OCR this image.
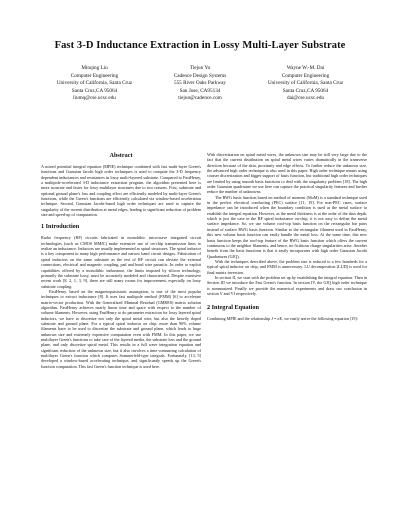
Fast 3-D Inductance Extraction in Lossy Multi-Layer Substrate
Minqing Liu
Computer Engineering
University of California, Santa Cruz
Santa Cruz,CA 95064
liumq@cse.ucsc.edu
Tiejun Yu
Cadence Design Systems
555 River Oaks Parkway
San Jose, CA95134
tiejun@cadence.com
Wayne W.-M. Dai
Computer Engineering
University of California, Santa Cruz
Santa Cruz,CA 95064
dai@cse.ucsc.edu
Abstract

A mixed potential integral equation (MPIE) technique combined with fast multi-layer Green's functions and Gaussian Jacobi high order techniques is used to compute the 3-D frequency dependent inductances and resistances in lossy multi-layered substrate. Compared to FastHenry, a multipole-accelerated 3-D inductance extraction program, the algorithm presented here is more accurate and faster for lossy multilayer structures due to two reasons. First, substrate and optional ground plane's loss and coupling effect are efficiently modeled by multi-layer Green's functions, while the Green's functions are efficiently calculated via window-based acceleration technique. Second, Gaussian Jacobi-based high order techniques are used to capture the singularity of the current distribution at metal edges, leading to significant reduction of problem size and speed-up of computation.

1 Introduction

Radio frequency (RF) circuits fabricated in monolithic microwave integrated circuit technologies (such as CMOS MMIC) make extensive use of on-chip transmission lines to realize an inductance. Inductors are usually implemented as spiral structures. The spiral inductor is a key component in many high performance and narrow band circuit designs. Fabrication of spiral inductors on the same substrate as the rest of RF circuit can obviate the external connections, electrical and magnetic coupling, pad and bond wire parasitic. In order to exploit capabilities offered by a monolithic inductance, the limits imposed by silicon technology, primarily the substrate lossy, must be accurately modeled and characterized. Despite extensive recent work [8, 2, 1, 3, 9], there are still many rooms for improvement, especially on lossy substrate coupling.

FastHenry, based on the magnetoquasistatic assumption, is one of the most popular techniques to extract inductance [8]. It uses fast multipole method (FMM) [6] to accelerate matrix-vector production. With the Generalized Minimal Residual (GMRES) matrix solution algorithm, FastHenry achieves nearly linear time and space with respect to the number of volume filaments. However, using FastHenry to do parameter extraction for lossy layered spiral inductors, we have to discretize not only the spiral metal wire, but also the heavily doped substrate and ground plane. For a typical spiral inductor on chip, more than 90% volume filaments have to be used to discretize the substrate and ground plane, which leads to huge unknown size and extremely expensive computation even with FMM. In this paper, we use multilayer Green's functions to take care of the layered media, the substrate loss and the ground plane, and only discretize spiral metal. This results in a full wave integration equation and significant reduction of the unknown size, but it also involves a time-consuming calculation of multilayer Green's function which computes Sommerfeld-type integrals. Fortunately, [13, 5] developed a window-based accelerating technique, and significantly speeds up the Green's function computation. This fast Green's function technique is used here.

With discretization on spiral metal wires, the unknown size may be still very large due to the fact that the current distribution on spiral metal wires varies dramatically in the transverse direction because of the skin, proximity and edge effects. To further reduce the unknown size, the advanced high order technique is also used in this paper. High order technique means using coarser discretization and bigger support of basis function, but traditional high order techniques are limited by using smooth basis functions to deal with the singularity problem [18]. The high order Gaussian quadrature we use here can capture the practical singularity features and further reduce the number of unknowns.

The RWG basis function based on method of moment (MoM) is a standard technique used in the perfect electrical conducting (PEC) surface [11, 19]. For non-PEC cases, surface impedance can be introduced when the boundary condition is used at the metal surface to establish the integral equation. However, as the metal thickness is at the order of the skin depth, which is just the case in the RF spiral inductance on-chip, it is not easy to define the metal surface impedance. So, we use volume roof-top basis function on the rectangular bar pairs instead of surface RWG basis function. Similar to the rectangular filament used in FastHenry, this new volume basis function can easily handle the metal loss. At the same time, this new basis function keeps the roof-top feature of the RWG basis function which offers the current continuous to the neighbor filaments, and hence, no fictitious charge singularities arise. Another benefit from the basis functions is that it easily incorporates with high order Gaussian Jacobi Quadratures (GJQ).

With the techniques described above, the problem size is reduced to a few hundreds for a typical spiral inductor on chip, and FMM is unnecessary. LU decomposition (LUD) is used for final matrix inversion.

In section II, we start with the problem set up by establishing the integral equation. Then in Section III we introduce the Fast Green's function. In section IV, the GJQ high order technique is summarized. Finally we provide the numerical experiments and draw our conclusion in section V and VI respectively.

2 Integral Equation

Combining MPIE and the relationship J = σE, we easily arrive the following equation [19]:
